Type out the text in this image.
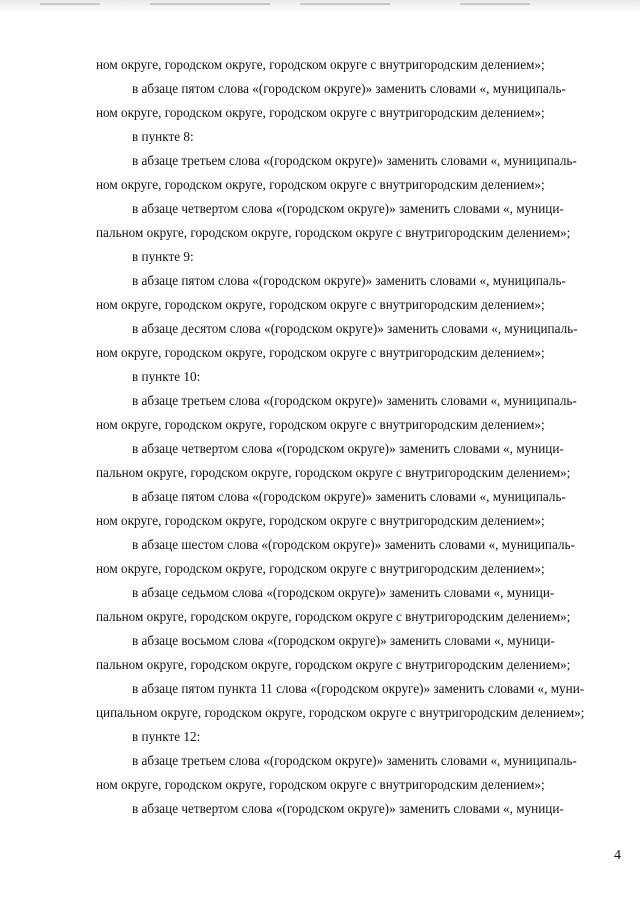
ном округе, городском округе, городском округе с внутригородским делением»;
в абзаце пятом слова «(городском округе)» заменить словами «, муниципаль-
ном округе, городском округе, городском округе с внутригородским делением»;
в пункте 8:
в абзаце третьем слова «(городском округе)» заменить словами «, муниципаль-
ном округе, городском округе, городском округе с внутригородским делением»;
в абзаце четвертом слова «(городском округе)» заменить словами «, муници-
пальном округе, городском округе, городском округе с внутригородским делением»;
в пункте 9:
в абзаце пятом слова «(городском округе)» заменить словами «, муниципаль-
ном округе, городском округе, городском округе с внутригородским делением»;
в абзаце десятом слова «(городском округе)» заменить словами «, муниципаль-
ном округе, городском округе, городском округе с внутригородским делением»;
в пункте 10:
в абзаце третьем слова «(городском округе)» заменить словами «, муниципаль-
ном округе, городском округе, городском округе с внутригородским делением»;
в абзаце четвертом слова «(городском округе)» заменить словами «, муници-
пальном округе, городском округе, городском округе с внутригородским делением»;
в абзаце пятом слова «(городском округе)» заменить словами «, муниципаль-
ном округе, городском округе, городском округе с внутригородским делением»;
в абзаце шестом слова «(городском округе)» заменить словами «, муниципаль-
ном округе, городском округе, городском округе с внутригородским делением»;
в абзаце седьмом слова «(городском округе)» заменить словами «, муници-
пальном округе, городском округе, городском округе с внутригородским делением»;
в абзаце восьмом слова «(городском округе)» заменить словами «, муници-
пальном округе, городском округе, городском округе с внутригородским делением»;
в абзаце пятом пункта 11 слова «(городском округе)» заменить словами «, муни-
ципальном округе, городском округе, городском округе с внутригородским делением»;
в пункте 12:
в абзаце третьем слова «(городском округе)» заменить словами «, муниципаль-
ном округе, городском округе, городском округе с внутригородским делением»;
в абзаце четвертом слова «(городском округе)» заменить словами «, муници-
4
